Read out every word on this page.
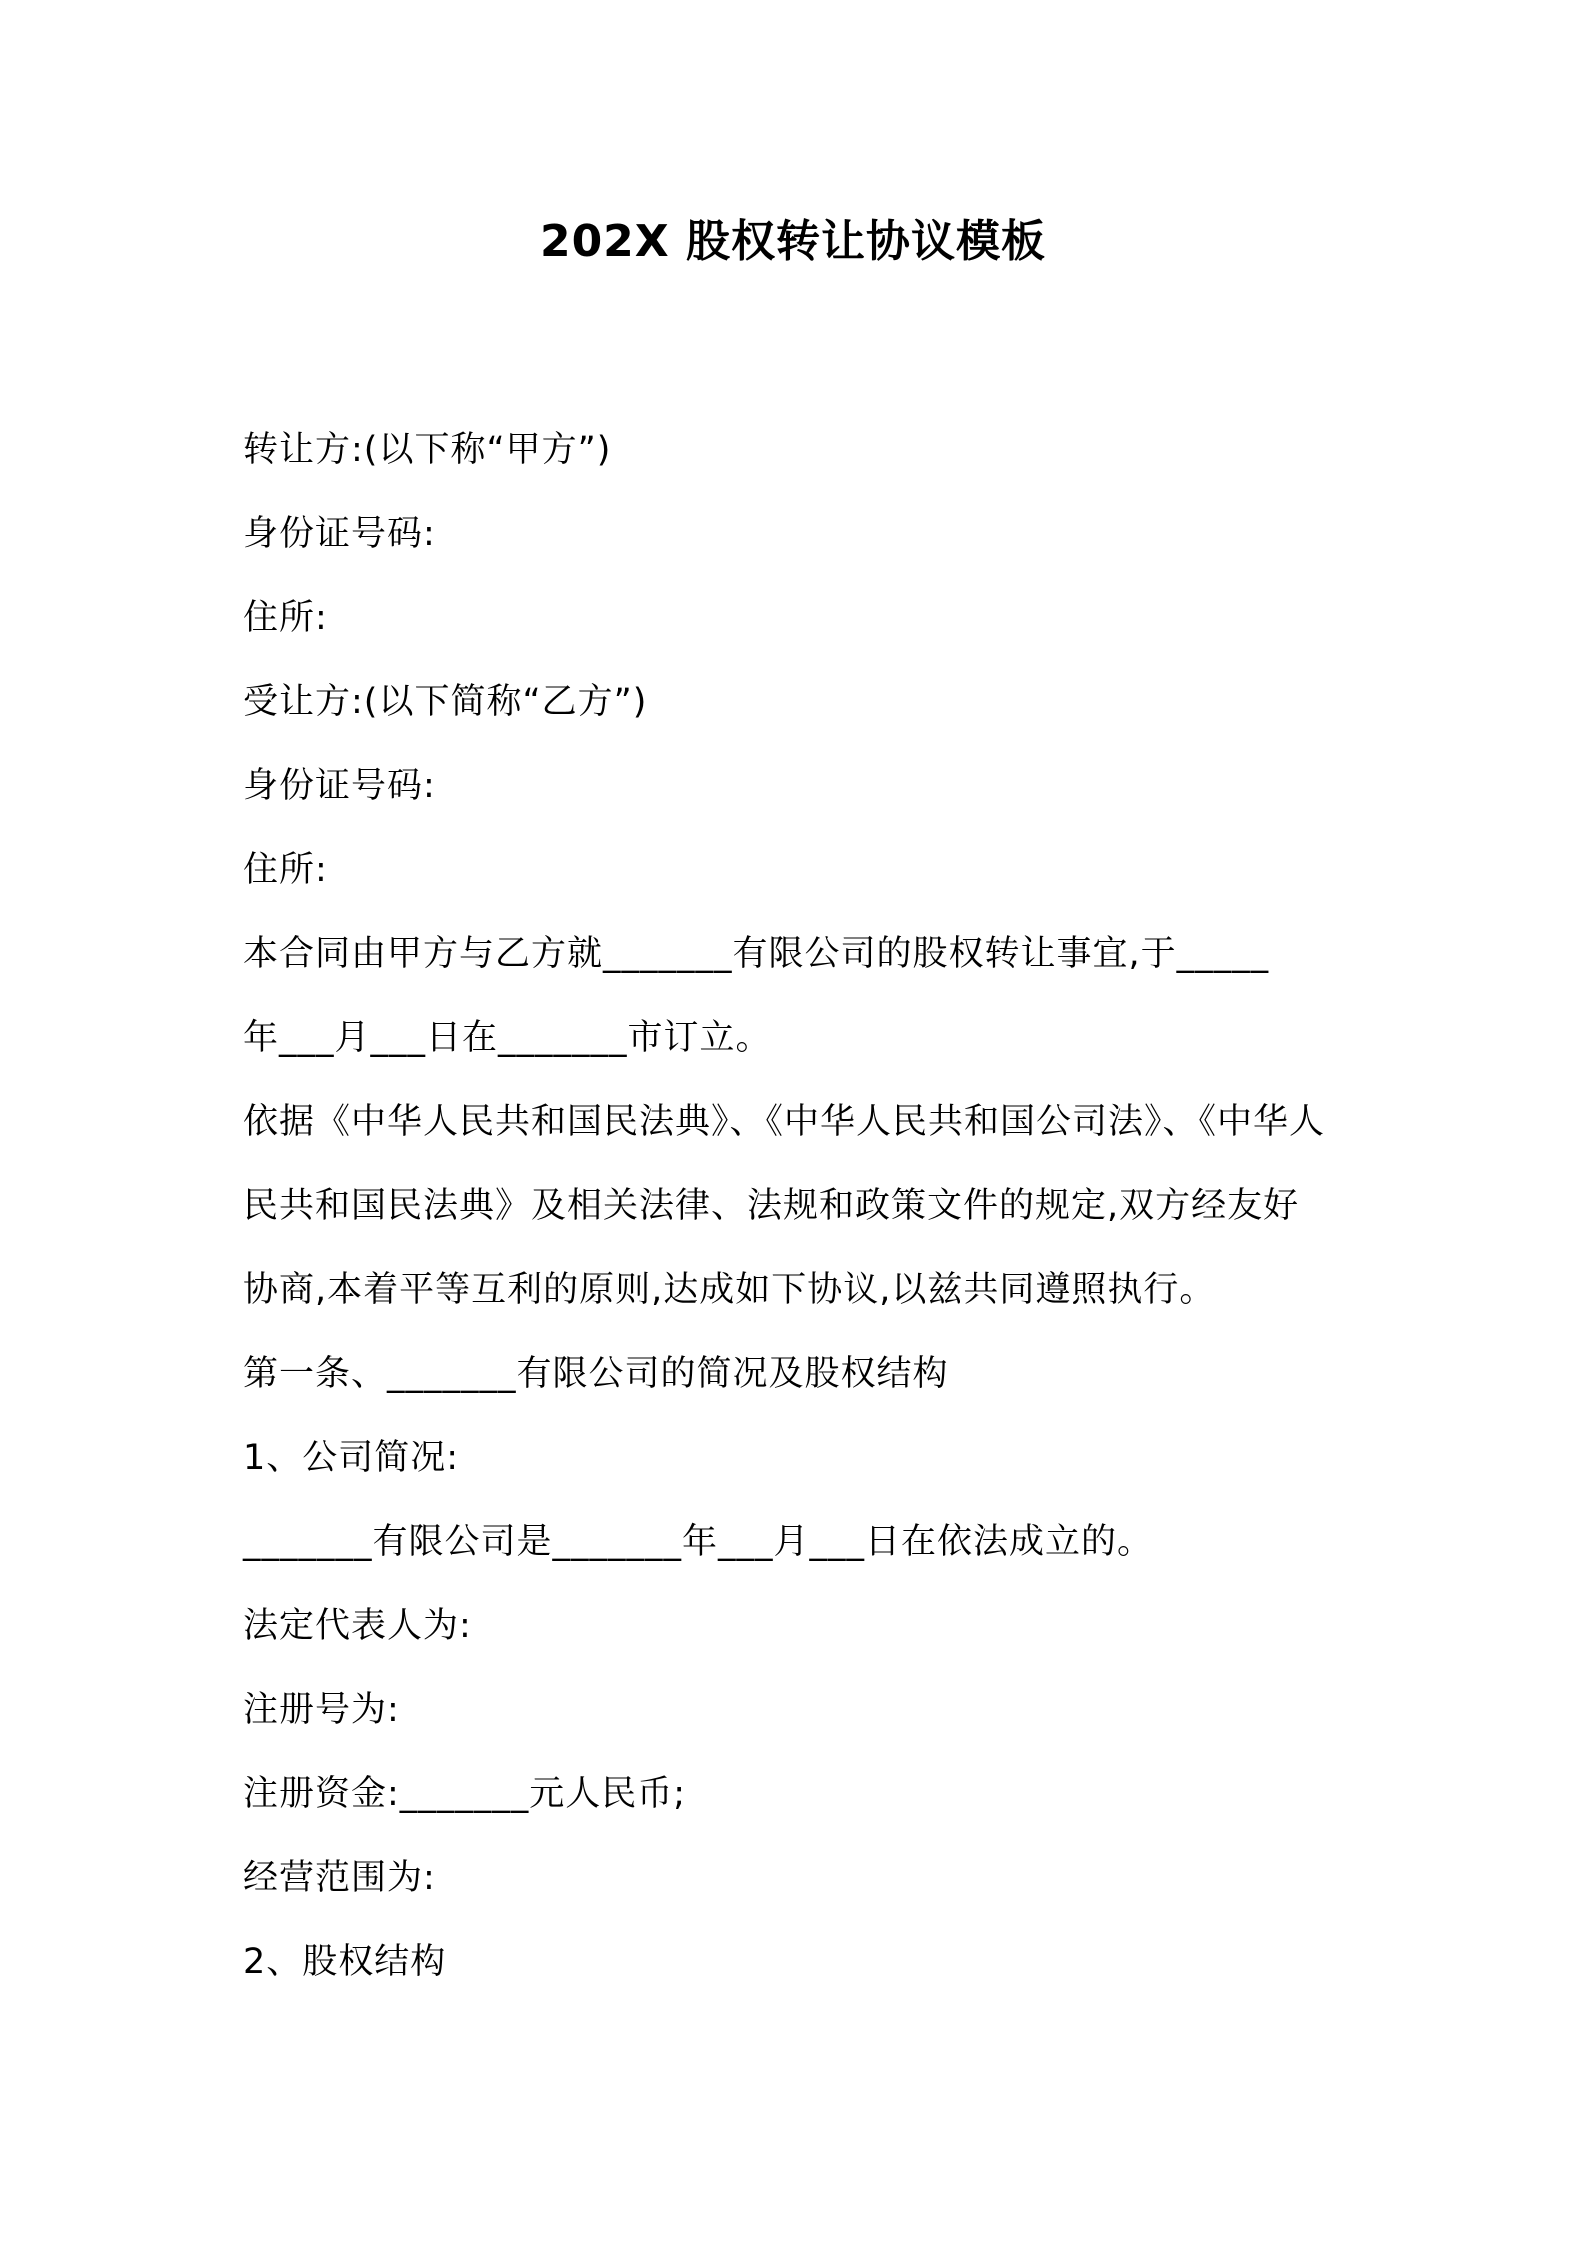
202X 股权转让协议模板
转让方:(以下称“甲方”)
身份证号码:
住所:
受让方:(以下简称“乙方”)
身份证号码:
住所:
本合同由甲方与乙方就_______有限公司的股权转让事宜,于_____
年___月___日在_______市订立。
依据《中华人民共和国民法典》、《中华人民共和国公司法》、《中华人
民共和国民法典》及相关法律、法规和政策文件的规定,双方经友好
协商,本着平等互利的原则,达成如下协议,以兹共同遵照执行。
第一条、_______有限公司的简况及股权结构
1、公司简况:
_______有限公司是_______年___月___日在依法成立的。
法定代表人为:
注册号为:
注册资金:_______元人民币;
经营范围为:
2、股权结构
